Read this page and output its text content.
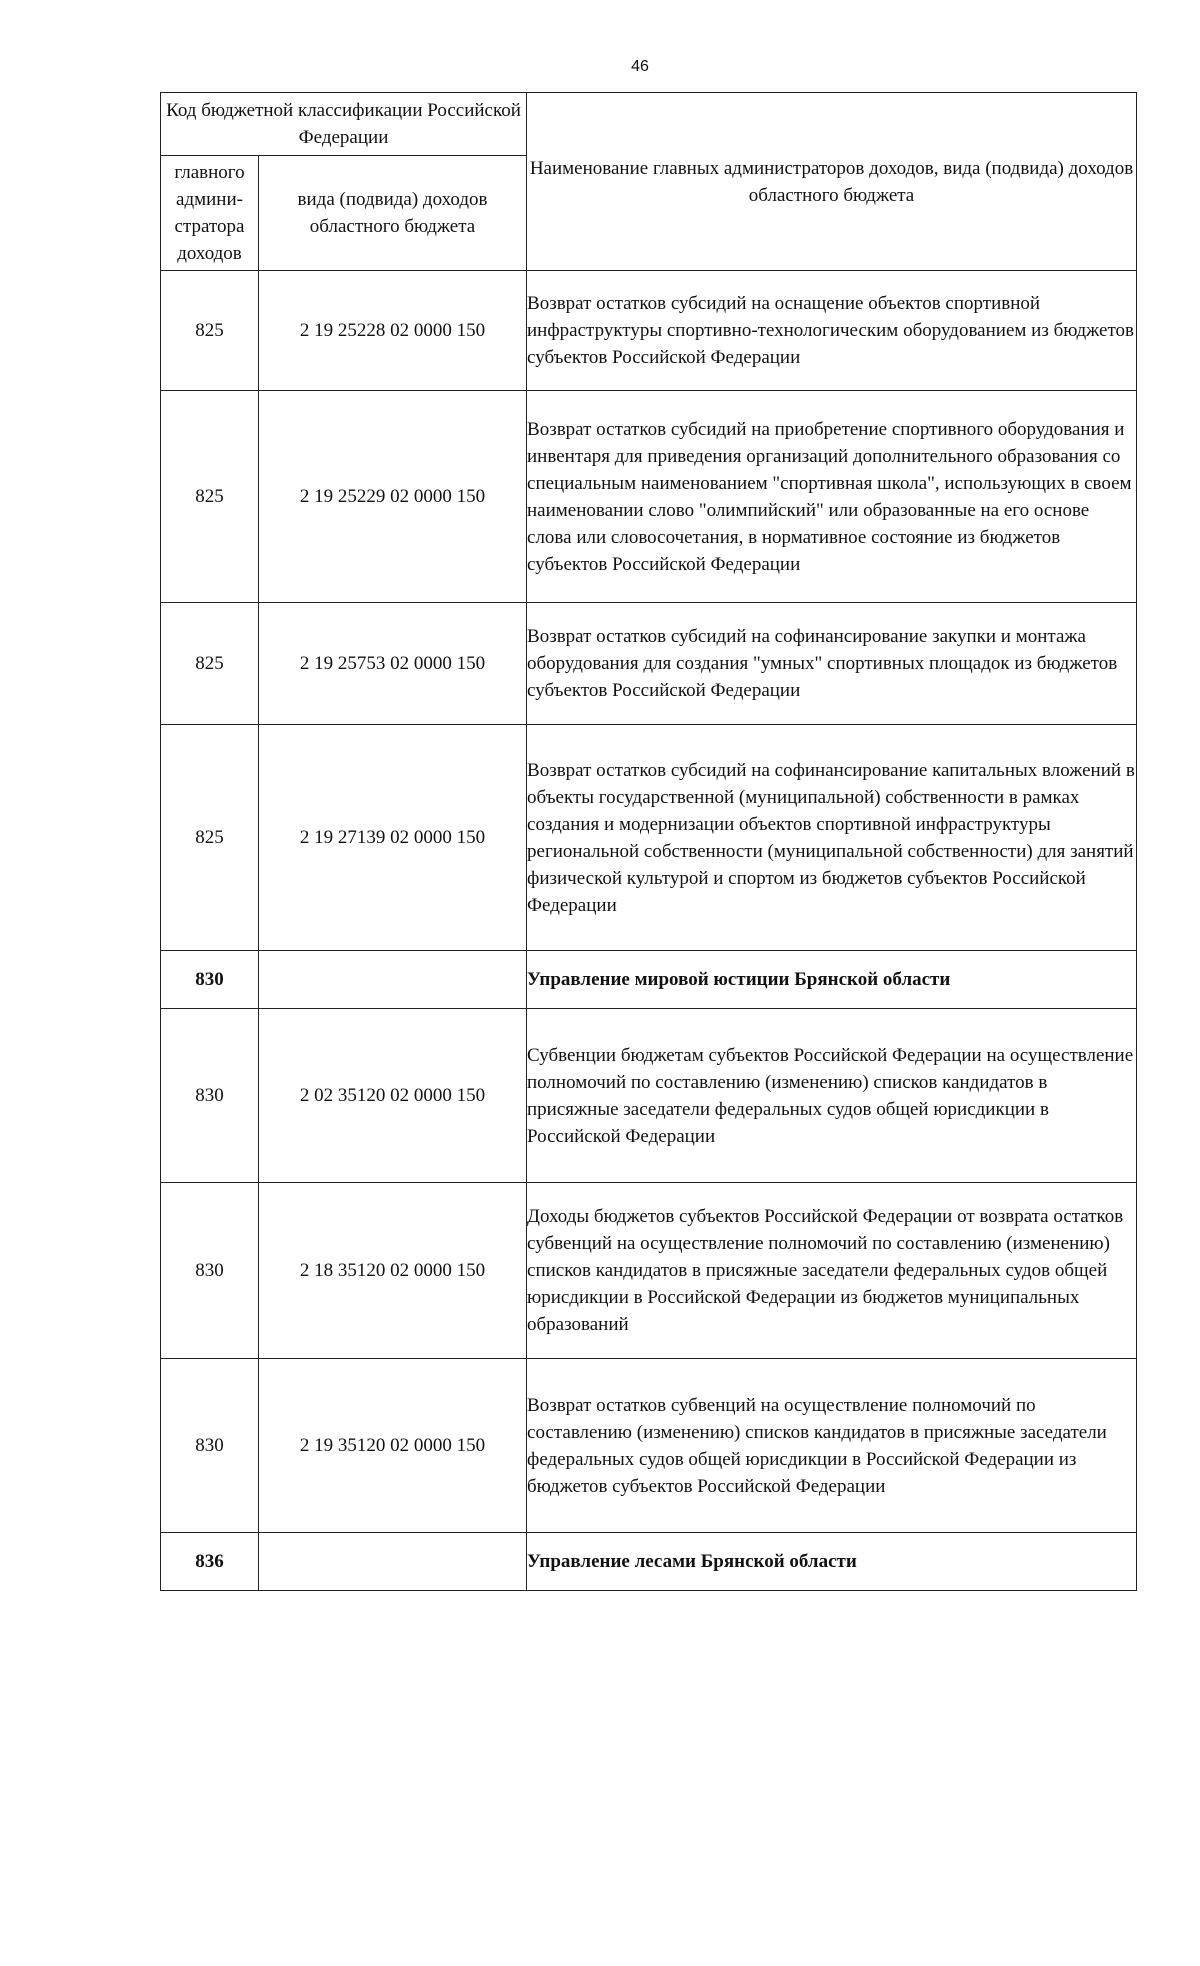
46
Код бюджетной классификации Российской Федерации		Наименование главных администраторов доходов, вида (подвида) доходов областного бюджета
главного админи-стратора доходов	вида (подвида) доходов областного бюджета	
825	2 19 25228 02 0000 150	Возврат остатков субсидий на оснащение объектов спортивной инфраструктуры спортивно-технологическим оборудованием из бюджетов субъектов Российской Федерации
825	2 19 25229 02 0000 150	Возврат остатков субсидий на приобретение спортивного оборудования и инвентаря для приведения организаций дополнительного образования со специальным наименованием "спортивная школа", использующих в своем наименовании слово "олимпийский" или образованные на его основе слова или словосочетания, в нормативное состояние из бюджетов субъектов Российской Федерации
825	2 19 25753 02 0000 150	Возврат остатков субсидий на софинансирование закупки и монтажа оборудования для создания "умных" спортивных площадок из бюджетов субъектов Российской Федерации
825	2 19 27139 02 0000 150	Возврат остатков субсидий на софинансирование капитальных вложений в объекты государственной (муниципальной) собственности в рамках создания и модернизации объектов спортивной инфраструктуры региональной собственности (муниципальной собственности) для занятий физической культурой и спортом из бюджетов субъектов Российской Федерации
830		Управление мировой юстиции Брянской области
830	2 02 35120 02 0000 150	Субвенции бюджетам субъектов Российской Федерации на осуществление полномочий по составлению (изменению) списков кандидатов в присяжные заседатели федеральных судов общей юрисдикции в Российской Федерации
830	2 18 35120 02 0000 150	Доходы бюджетов субъектов Российской Федерации от возврата остатков субвенций на осуществление полномочий по составлению (изменению) списков кандидатов в присяжные заседатели федеральных судов общей юрисдикции в Российской Федерации из бюджетов муниципальных образований
830	2 19 35120 02 0000 150	Возврат остатков субвенций на осуществление полномочий по составлению (изменению) списков кандидатов в присяжные заседатели федеральных судов общей юрисдикции в Российской Федерации из бюджетов субъектов Российской Федерации
836		Управление лесами Брянской области
